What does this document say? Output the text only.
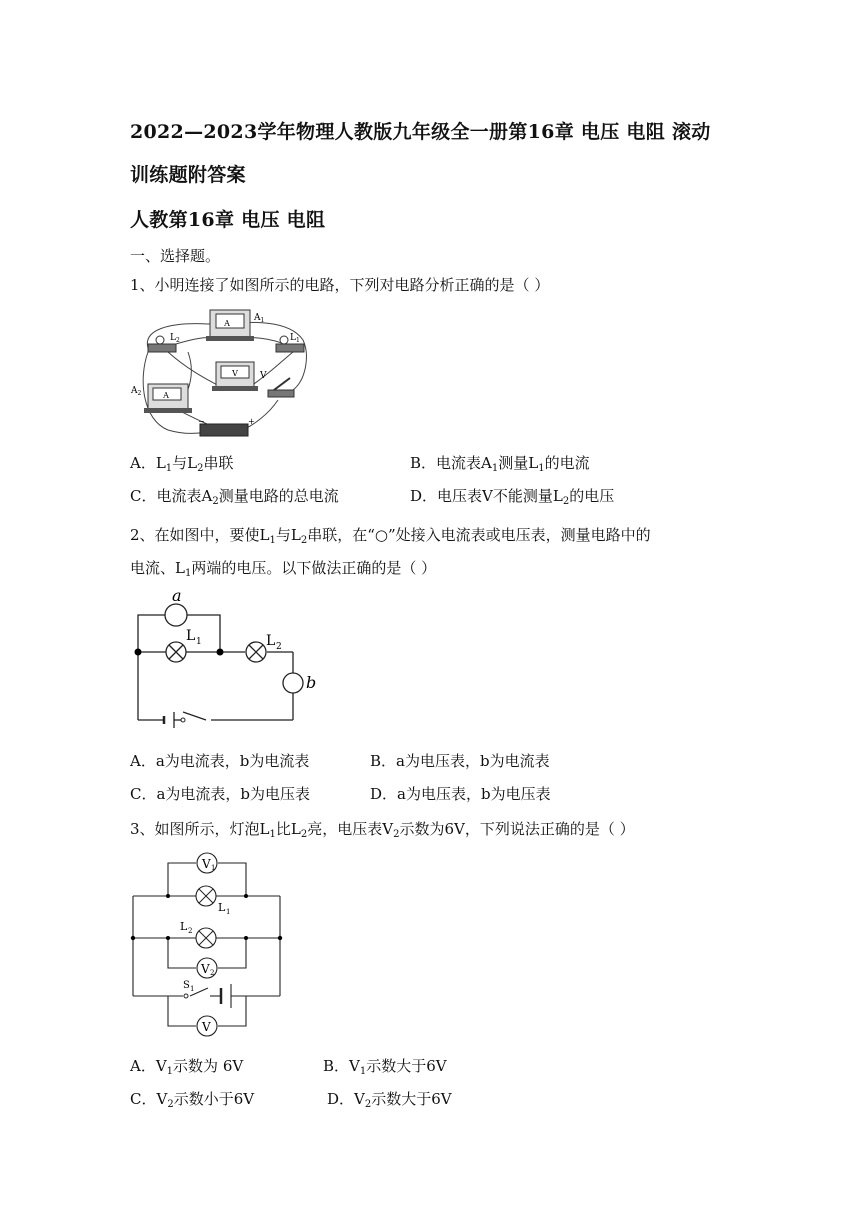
2022—2023学年物理人教版九年级全一册第16章 电压 电阻 滚动
训练题附答案
人教第16章 电压 电阻
一、选择题。
1、小明连接了如图所示的电路，下列对电路分析正确的是（ ）
A
$A_1$
$L_2$	$L_1$
V V
A
$A_2$
−	+
A．$L_1$与$L_2$串联	B．电流表$A_1$测量$L_1$的电流
C．电流表$A_2$测量电路的总电流	D．电压表V不能测量$L_2$的电压
2、在如图中，要使$L_1$与$L_2$串联，在“○”处接入电流表或电压表，测量电路中的
电流、$L_1$两端的电压。以下做法正确的是（ ）
a
L 1	L 2
b
A．a为电流表，b为电流表	B．a为电压表，b为电流表
C．a为电流表，b为电压表	D．a为电压表，b为电压表
3、如图所示，灯泡$L_1$比$L_2$亮，电压表$V_2$示数为6V，下列说法正确的是（ ）
V 1
L 1
L 2
V 2
S 1
V
A．$V_1$示数为 6V	B．$V_1$示数大于6V
C．$V_2$示数小于6V	D．$V_2$示数大于6V
